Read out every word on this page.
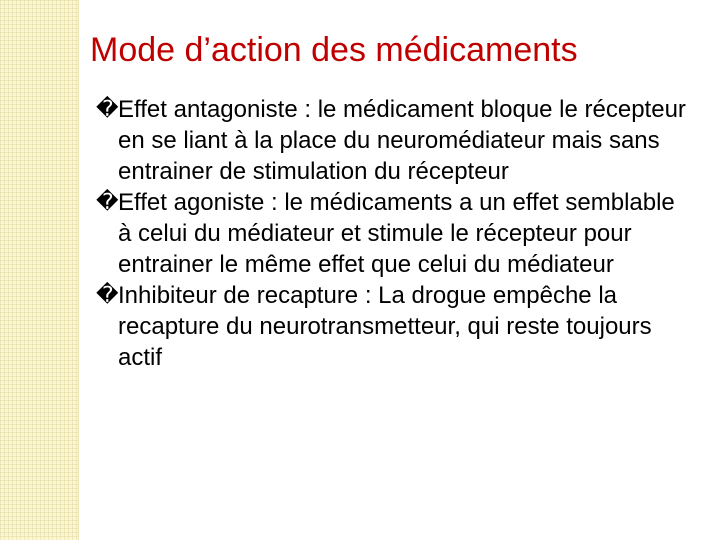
Mode d’action des médicaments
� Effet antagoniste : le médicament bloque le récepteur en se liant à la place du neuromédiateur mais sans entrainer de stimulation du récepteur
� Effet agoniste : le médicaments a un effet semblable à celui du médiateur et stimule le récepteur pour entrainer le même effet que celui du médiateur
� Inhibiteur de recapture : La drogue empêche la recapture du neurotransmetteur, qui reste toujours actif
